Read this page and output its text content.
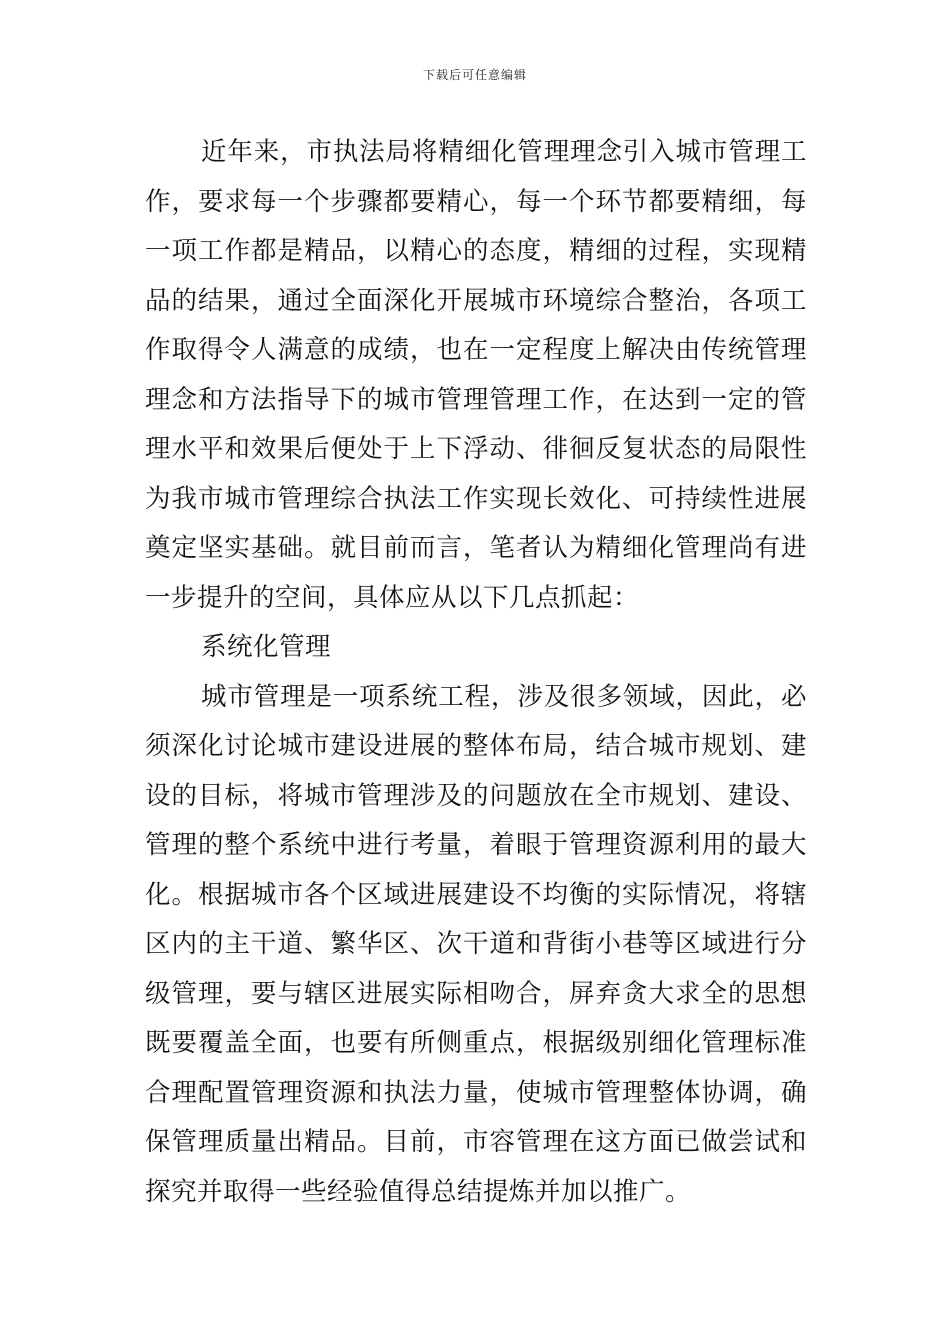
下载后可任意编辑
近年来，市执法局将精细化管理理念引入城市管理工
作，要求每一个步骤都要精心，每一个环节都要精细，每
一项工作都是精品，以精心的态度，精细的过程，实现精
品的结果，通过全面深化开展城市环境综合整治，各项工
作取得令人满意的成绩，也在一定程度上解决由传统管理
理念和方法指导下的城市管理管理工作，在达到一定的管
理水平和效果后便处于上下浮动、徘徊反复状态的局限性
为我市城市管理综合执法工作实现长效化、可持续性进展
奠定坚实基础。就目前而言，笔者认为精细化管理尚有进
一步提升的空间，具体应从以下几点抓起：
系统化管理
城市管理是一项系统工程，涉及很多领域，因此，必
须深化讨论城市建设进展的整体布局，结合城市规划、建
设的目标，将城市管理涉及的问题放在全市规划、建设、
管理的整个系统中进行考量，着眼于管理资源利用的最大
化。根据城市各个区域进展建设不均衡的实际情况，将辖
区内的主干道、繁华区、次干道和背街小巷等区域进行分
级管理，要与辖区进展实际相吻合，屏弃贪大求全的思想
既要覆盖全面，也要有所侧重点，根据级别细化管理标准
合理配置管理资源和执法力量，使城市管理整体协调，确
保管理质量出精品。目前，市容管理在这方面已做尝试和
探究并取得一些经验值得总结提炼并加以推广。
